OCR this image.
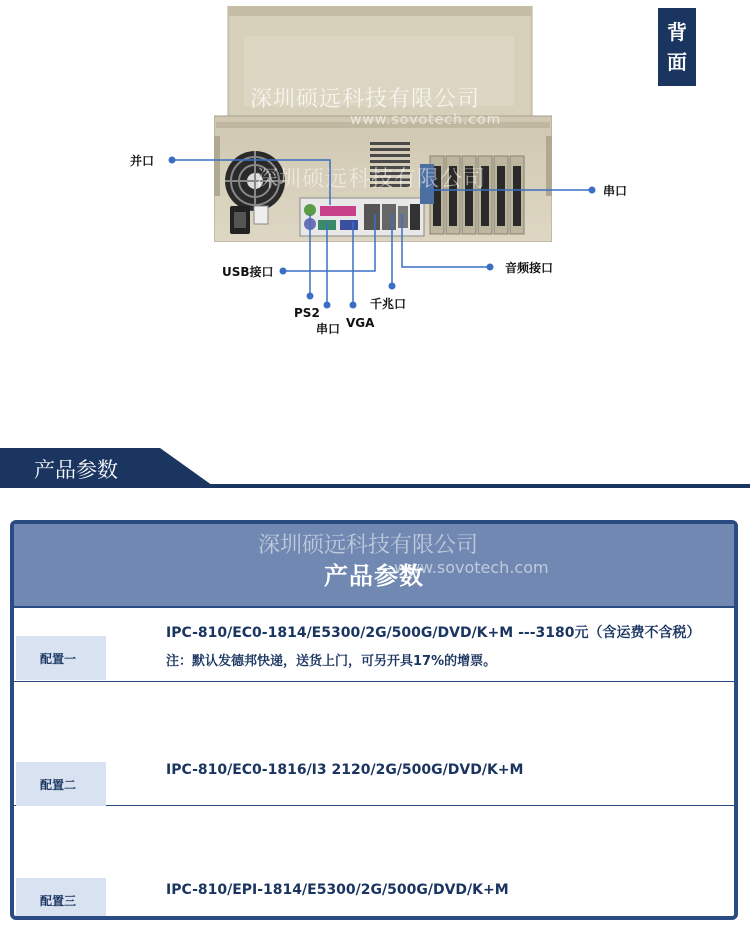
深圳硕远科技有限公司
www.sovotech.com
深圳硕远科技有限公司
背
面
并口
串口
USB接口	音频接口
千兆口
PS2
串口 VGA
产品参数
深圳硕远科技有限公司
产品参数
www.sovotech.com
IPC-810/EC0-1814/E5300/2G/500G/DVD/K+M ---3180元（含运费不含税）
注：默认发德邦快递，送货上门，可另开具17%的增票。
配置一
IPC-810/EC0-1816/I3 2120/2G/500G/DVD/K+M
配置二
IPC-810/EPI-1814/E5300/2G/500G/DVD/K+M
配置三
